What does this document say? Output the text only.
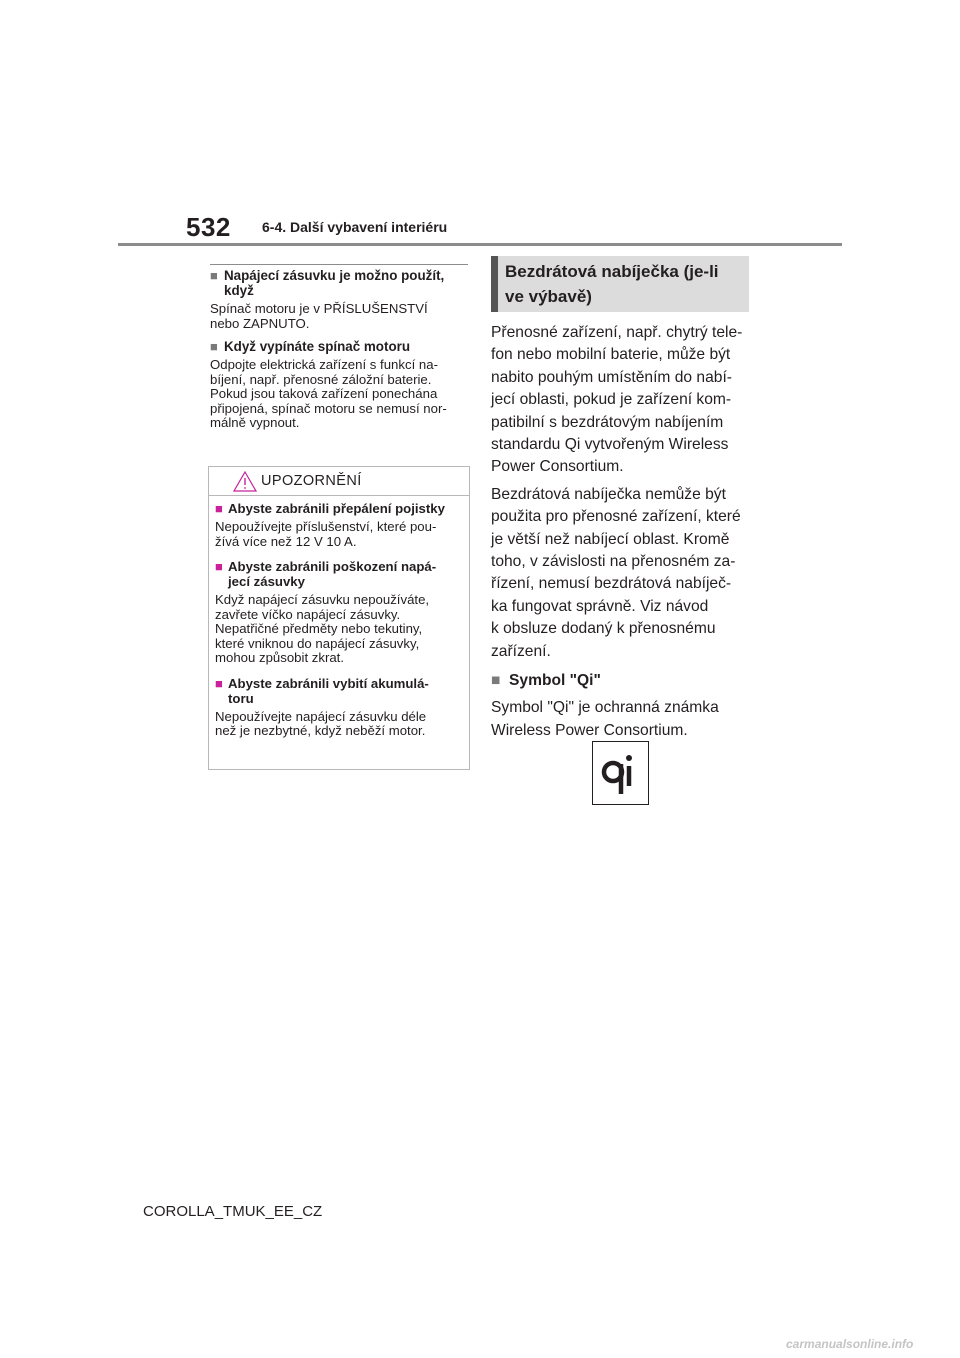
532 6-4. Další vybavení interiéru
■ Napájecí zásuvku je možno použít,
když
Spínač motoru je v PŘÍSLUŠENSTVÍ
nebo ZAPNUTO.
■ Když vypínáte spínač motoru
Odpojte elektrická zařízení s funkcí na-
bíjení, např. přenosné záložní baterie.
Pokud jsou taková zařízení ponechána
připojená, spínač motoru se nemusí nor-
málně vypnout.
UPOZORNĚNÍ
■ Abyste zabránili přepálení pojistky
Nepoužívejte příslušenství, které pou-
žívá více než 12 V 10 A.
■ Abyste zabránili poškození napá-
jecí zásuvky
Když napájecí zásuvku nepoužíváte,
zavřete víčko napájecí zásuvky.
Nepatřičné předměty nebo tekutiny,
které vniknou do napájecí zásuvky,
mohou způsobit zkrat.
■ Abyste zabránili vybití akumulá-
toru
Nepoužívejte napájecí zásuvku déle
než je nezbytné, když neběží motor.
Bezdrátová nabíječka (je-li
ve výbavě)
Přenosné zařízení, např. chytrý tele-
fon nebo mobilní baterie, může být
nabito pouhým umístěním do nabí-
jecí oblasti, pokud je zařízení kom-
patibilní s bezdrátovým nabíjením
standardu Qi vytvořeným Wireless
Power Consortium.
Bezdrátová nabíječka nemůže být
použita pro přenosné zařízení, které
je větší než nabíjecí oblast. Kromě
toho, v závislosti na přenosném za-
řízení, nemusí bezdrátová nabíječ-
ka fungovat správně. Viz návod
k obsluze dodaný k přenosnému
zařízení.
■ Symbol "Qi"
Symbol "Qi" je ochranná známka
Wireless Power Consortium.
COROLLA_TMUK_EE_CZ
carmanualsonline.info
